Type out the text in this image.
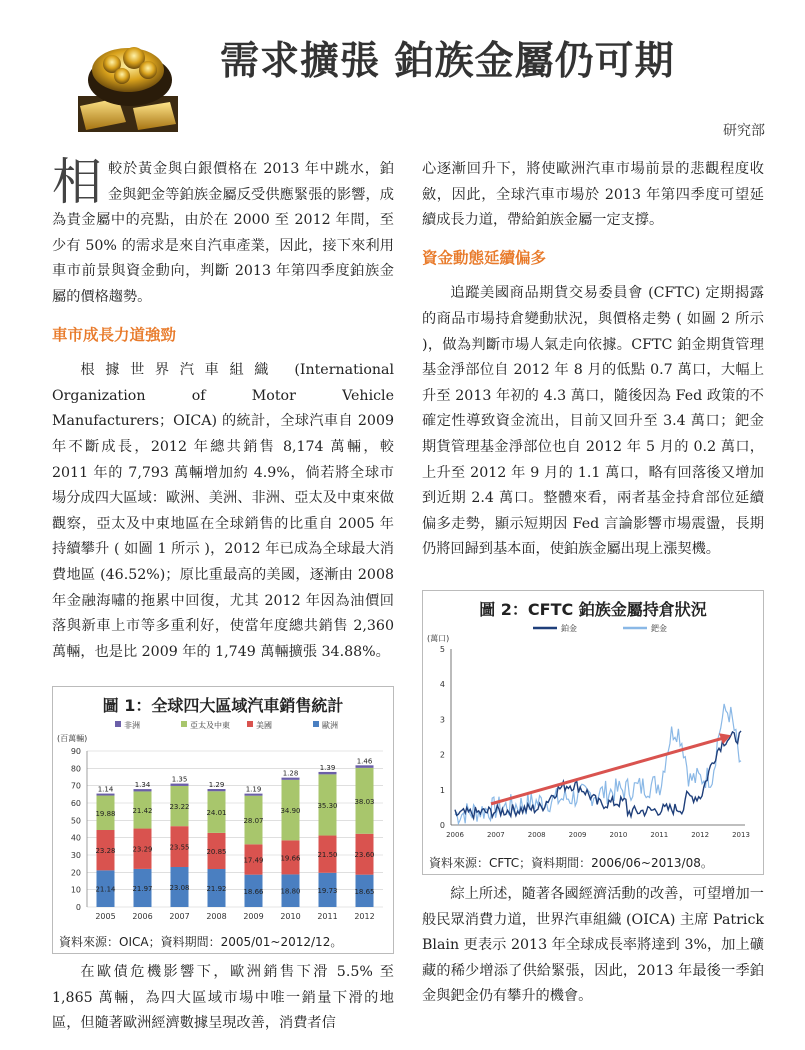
需求擴張 鉑族金屬仍可期
研究部
相較於黃金與白銀價格在 2013 年中跳水，鉑金與鈀金等鉑族金屬反受供應緊張的影響，成為貴金屬中的亮點，由於在 2000 至 2012 年間，至少有 50% 的需求是來自汽車產業，因此，接下來利用車市前景與資金動向，判斷 2013 年第四季度鉑族金屬的價格趨勢。
車市成長力道強勁
根據世界汽車組織 (International Organization of Motor Vehicle Manufacturers；OICA) 的統計，全球汽車自 2009 年不斷成長，2012 年總共銷售 8,174 萬輛，較 2011 年的 7,793 萬輛增加約 4.9%，倘若將全球市場分成四大區域：歐洲、美洲、非洲、亞太及中東來做觀察，亞太及中東地區在全球銷售的比重自 2005 年持續攀升 ( 如圖 1 所示 )，2012 年已成為全球最大消費地區 (46.52%)；原比重最高的美國，逐漸由 2008 年金融海嘯的拖累中回復，尤其 2012 年因為油價回落與新車上市等多重利好，使當年度總共銷售 2,360 萬輛，也是比 2009 年的 1,749 萬輛擴張 34.88%。
圖 1：全球四大區域汽車銷售統計
非洲	亞太及中東	美國	歐洲
(百萬輛)
0
10
20
30
40
50
60
70
80
90
21.14
23.28
19.88
1.14
2005
21.97
23.29
21.42
1.34
2006
23.08
23.55
23.22
1.35
2007
21.92
20.85
24.01
1.29
2008
18.66
17.49
28.07
1.19
2009
18.80
19.66
34.90
1.28
2010
19.73
21.50
35.30
1.39
2011
18.65
23.60
38.03
1.46
2012
資料來源：OICA；資料期間：2005/01~2012/12。
在歐債危機影響下，歐洲銷售下滑 5.5% 至 1,865 萬輛，為四大區域市場中唯一銷量下滑的地區，但隨著歐洲經濟數據呈現改善，消費者信
心逐漸回升下，將使歐洲汽車市場前景的悲觀程度收斂，因此，全球汽車市場於 2013 年第四季度可望延續成長力道，帶給鉑族金屬一定支撐。
資金動態延續偏多
追蹤美國商品期貨交易委員會 (CFTC) 定期揭露的商品市場持倉變動狀況，與價格走勢 ( 如圖 2 所示 )，做為判斷市場人氣走向依據。CFTC 鉑金期貨管理基金淨部位自 2012 年 8 月的低點 0.7 萬口，大幅上升至 2013 年初的 4.3 萬口，隨後因為 Fed 政策的不確定性導致資金流出，目前又回升至 3.4 萬口；鈀金期貨管理基金淨部位也自 2012 年 5 月的 0.2 萬口，上升至 2012 年 9 月的 1.1 萬口，略有回落後又增加到近期 2.4 萬口。整體來看，兩者基金持倉部位延續偏多走勢，顯示短期因 Fed 言論影響市場震盪，長期仍將回歸到基本面，使鉑族金屬出現上漲契機。
圖 2：CFTC 鉑族金屬持倉狀況
鉑金	鈀金
(萬口)
0
1
2
3
4
5
2006	2007	2008	2009	2010	2011	2012	2013
資料來源：CFTC；資料期間：2006/06~2013/08。
綜上所述，隨著各國經濟活動的改善，可望增加一般民眾消費力道，世界汽車組織 (OICA) 主席 Patrick Blain 更表示 2013 年全球成長率將達到 3%，加上礦藏的稀少增添了供給緊張，因此，2013 年最後一季鉑金與鈀金仍有攀升的機會。
